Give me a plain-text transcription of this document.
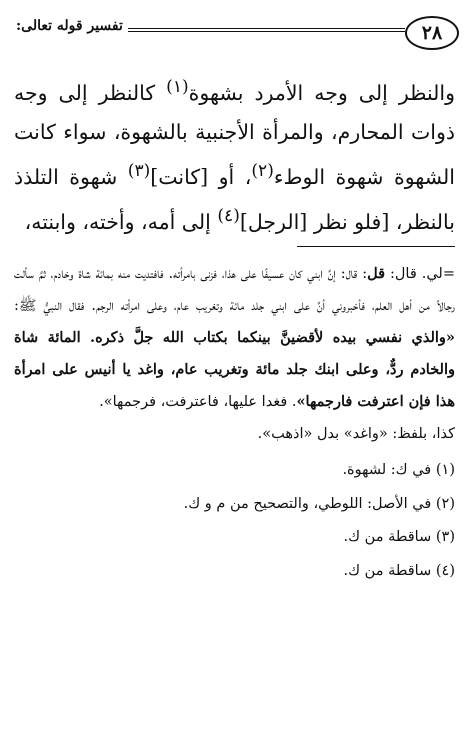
٢٨
تفسير قوله تعالى:

والنظر إلى وجه الأمرد بشهوة$^{(١)}$ كالنظر إلى وجه ذوات المحارم، والمرأة الأجنبية بالشهوة، سواء كانت الشهوة شهوة الوطء$^{(٢)}$، أو [كانت]$^{(٣)}$ شهوة التلذذ بالنظر، [فلو نظر [الرجل]$^{(٤)}$ إلى أمه، وأخته، وابنته،

=لي. قال: قل: قال: إنَّ ابني كان عسيفًا على هذا، فزنى بامرأته. فافتديت منه بمائة شاة وخادم، ثمَّ سألت رجالاً من أهل العلم، فأخبروني أنَّ على ابني جلد مائة وتغريب عام، وعلى امرأته الرجم. فقال النبيُّ ﷺ: «والذي نفسي بيده لأقضينَّ بينكما بكتاب الله جلَّ ذكره. المائة شاة والخادم ردٌّ، وعلى ابنك جلد مائة وتغريب عام، واغد يا أنيس على امرأة هذا فإن اعترفت فارجمها». فغدا عليها، فاعترفت، فرجمها».

كذا، بلفظ: «واغد» بدل «اذهب».

(١) في ك: لشهوة.
(٢) في الأصل: اللوطي، والتصحيح من م و ك.
(٣) ساقطة من ك.
(٤) ساقطة من ك.
